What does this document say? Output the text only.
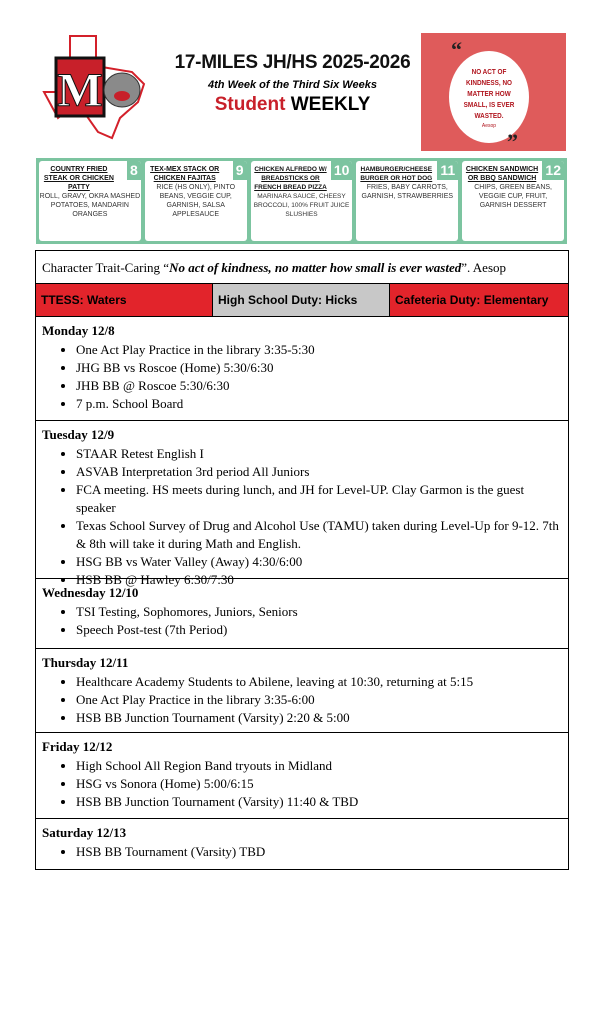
M
17-MILES JH/HS 2025-2026
4th Week of the Third Six Weeks
Student WEEKLY
“
NO ACT OF KINDNESS, NO MATTER HOW SMALL, IS EVER WASTED.
Aesop
”
8
COUNTRY FRIED STEAK OR CHICKEN PATTY
ROLL, GRAVY, OKRA MASHED POTATOES, MANDARIN ORANGES
9
TEX-MEX STACK OR CHICKEN FAJITAS
RICE (HS ONLY), PINTO BEANS, VEGGIE CUP, GARNISH, SALSA APPLESAUCE
10
CHICKEN ALFREDO W/ BREADSTICKS OR FRENCH BREAD PIZZA
MARINARA SAUCE, CHEESY BROCCOLI, 100% FRUIT JUICE SLUSHIES
11
HAMBURGER/CHEESEBURGER OR HOT DOG
FRIES, BABY CARROTS, GARNISH, STRAWBERRIES
12
CHICKEN SANDWICH OR BBQ SANDWICH
CHIPS, GREEN BEANS, VEGGIE CUP, FRUIT, GARNISH DESSERT
Character Trait-Caring “No act of kindness, no matter how small is ever wasted”. Aesop
TTESS: Waters	High School Duty: Hicks	Cafeteria Duty: Elementary
Monday 12/8
• One Act Play Practice in the library 3:35-5:30
• JHG BB vs Roscoe (Home) 5:30/6:30
• JHB BB @ Roscoe 5:30/6:30
• 7 p.m. School Board
Tuesday 12/9
• STAAR Retest English I
• ASVAB Interpretation 3rd period All Juniors
• FCA meeting. HS meets during lunch, and JH for Level-UP. Clay Garmon is the guest speaker
• Texas School Survey of Drug and Alcohol Use (TAMU) taken during Level-Up for 9-12. 7th & 8th will take it during Math and English.
• HSG BB vs Water Valley (Away) 4:30/6:00
• HSB BB @ Hawley 6:30/7:30
Wednesday 12/10
• TSI Testing, Sophomores, Juniors, Seniors
• Speech Post-test (7th Period)
Thursday 12/11
• Healthcare Academy Students to Abilene, leaving at 10:30, returning at 5:15
• One Act Play Practice in the library 3:35-6:00
• HSB BB Junction Tournament (Varsity) 2:20 & 5:00
Friday 12/12
• High School All Region Band tryouts in Midland
• HSG vs Sonora (Home) 5:00/6:15
• HSB BB Junction Tournament (Varsity) 11:40 & TBD
Saturday 12/13
• HSB BB Tournament (Varsity) TBD
